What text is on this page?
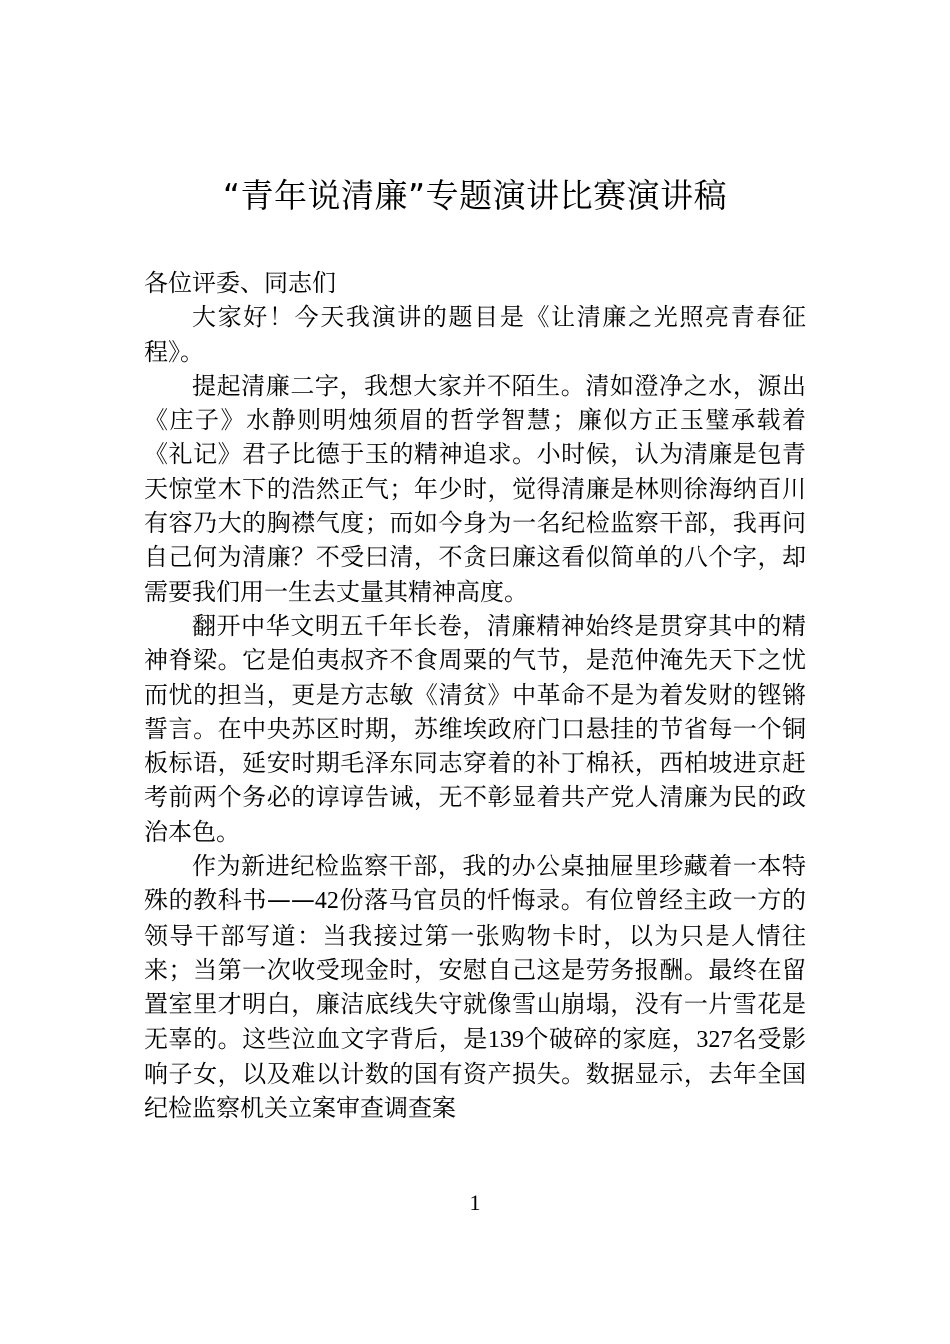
“青年说清廉”专题演讲比赛演讲稿

各位评委、同志们

大家好！今天我演讲的题目是《让清廉之光照亮青春征程》。

提起清廉二字，我想大家并不陌生。清如澄净之水，源出《庄子》水静则明烛须眉的哲学智慧；廉似方正玉璧承载着《礼记》君子比德于玉的精神追求。小时候，认为清廉是包青天惊堂木下的浩然正气；年少时，觉得清廉是林则徐海纳百川有容乃大的胸襟气度；而如今身为一名纪检监察干部，我再问自己何为清廉？不受曰清，不贪曰廉这看似简单的八个字，却需要我们用一生去丈量其精神高度。

翻开中华文明五千年长卷，清廉精神始终是贯穿其中的精神脊梁。它是伯夷叔齐不食周粟的气节，是范仲淹先天下之忧而忧的担当，更是方志敏《清贫》中革命不是为着发财的铿锵誓言。在中央苏区时期，苏维埃政府门口悬挂的节省每一个铜板标语，延安时期毛泽东同志穿着的补丁棉袄，西柏坡进京赶考前两个务必的谆谆告诫，无不彰显着共产党人清廉为民的政治本色。

作为新进纪检监察干部，我的办公桌抽屉里珍藏着一本特殊的教科书——42份落马官员的忏悔录。有位曾经主政一方的领导干部写道：当我接过第一张购物卡时，以为只是人情往来；当第一次收受现金时，安慰自己这是劳务报酬。最终在留置室里才明白，廉洁底线失守就像雪山崩塌，没有一片雪花是无辜的。这些泣血文字背后，是139个破碎的家庭，327名受影响子女，以及难以计数的国有资产损失。数据显示，去年全国纪检监察机关立案审查调查案

1
